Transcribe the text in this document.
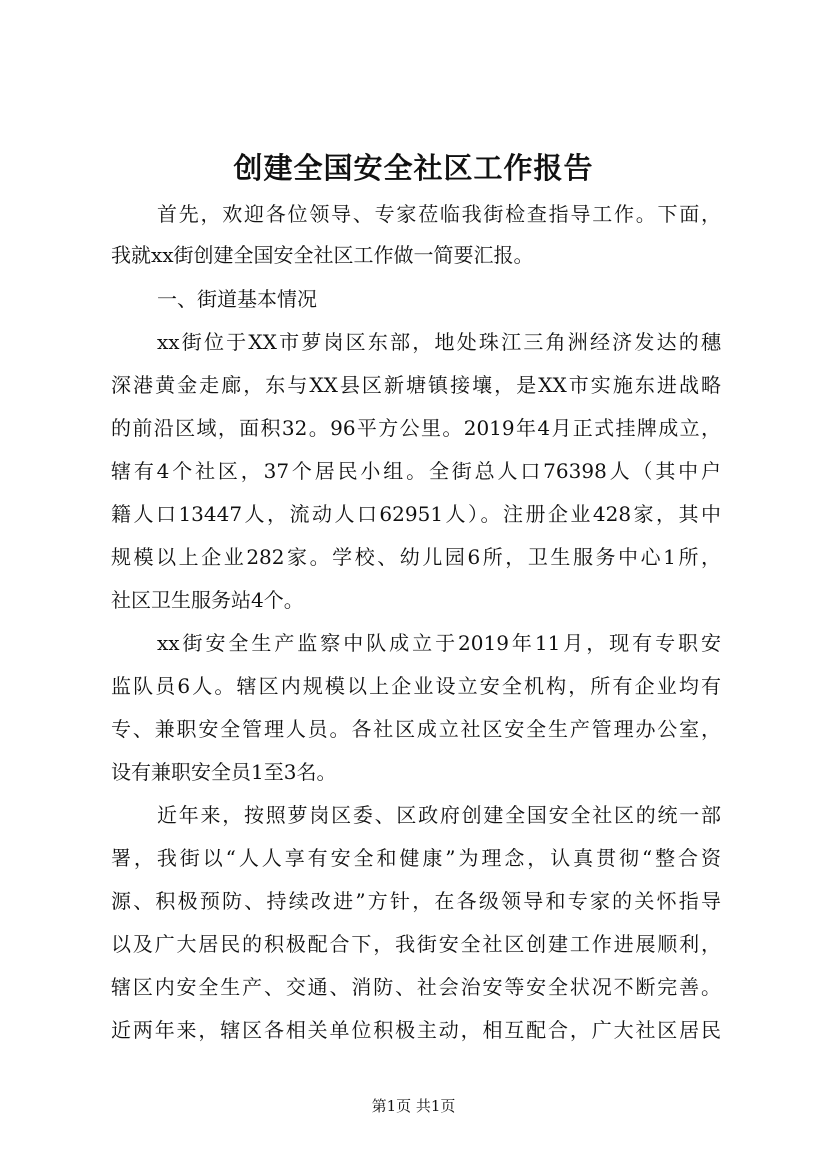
创建全国安全社区工作报告
首先，欢迎各位领导、专家莅临我街检查指导工作。下面，
我就xx街创建全国安全社区工作做一简要汇报。
一、街道基本情况
xx街位于XX市萝岗区东部，地处珠江三角洲经济发达的穗
深港黄金走廊，东与XX县区新塘镇接壤，是XX市实施东进战略
的前沿区域，面积32。96平方公里。2019年4月正式挂牌成立，
辖有4个社区，37个居民小组。全街总人口76398人（其中户
籍人口13447人，流动人口62951人）。注册企业428家，其中
规模以上企业282家。学校、幼儿园6所，卫生服务中心1所，
社区卫生服务站4个。
xx街安全生产监察中队成立于2019年11月，现有专职安
监队员6人。辖区内规模以上企业设立安全机构，所有企业均有
专、兼职安全管理人员。各社区成立社区安全生产管理办公室，
设有兼职安全员1至3名。
近年来，按照萝岗区委、区政府创建全国安全社区的统一部
署，我街以“人人享有安全和健康”为理念，认真贯彻“整合资
源、积极预防、持续改进”方针，在各级领导和专家的关怀指导
以及广大居民的积极配合下，我街安全社区创建工作进展顺利，
辖区内安全生产、交通、消防、社会治安等安全状况不断完善。
近两年来，辖区各相关单位积极主动，相互配合，广大社区居民
第1页 共1页
